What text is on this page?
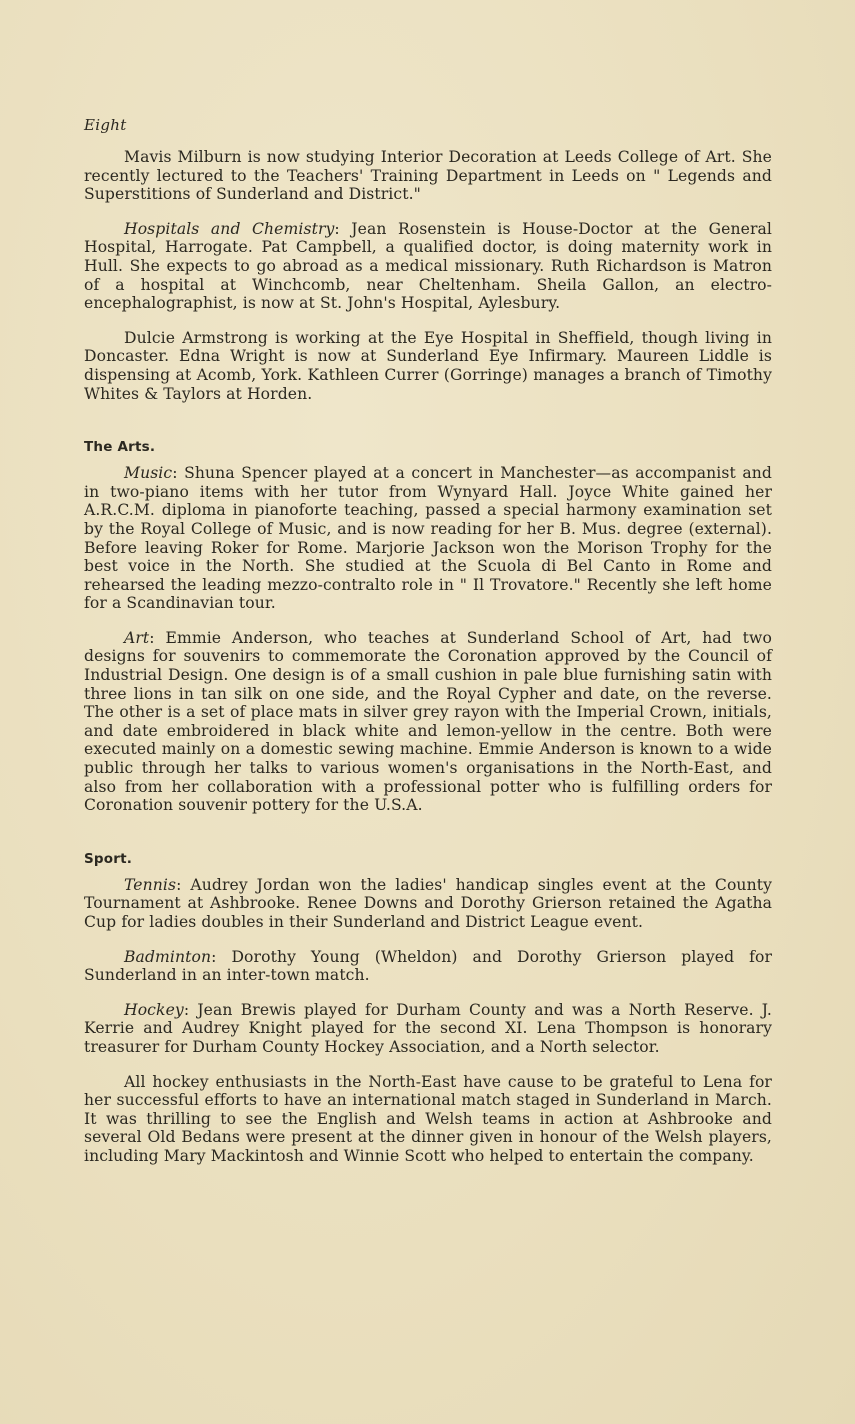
Eight

Mavis Milburn is now studying Interior Decoration at Leeds College of Art. She recently lectured to the Teachers' Training Department in Leeds on " Legends and Superstitions of Sunderland and District."

Hospitals and Chemistry: Jean Rosenstein is House-Doctor at the General Hospital, Harrogate. Pat Campbell, a qualified doctor, is doing maternity work in Hull. She expects to go abroad as a medical missionary. Ruth Richardson is Matron of a hospital at Winchcomb, near Cheltenham. Sheila Gallon, an electro-encephalographist, is now at St. John's Hospital, Aylesbury.

Dulcie Armstrong is working at the Eye Hospital in Sheffield, though living in Doncaster. Edna Wright is now at Sunderland Eye Infirmary. Maureen Liddle is dispensing at Acomb, York. Kathleen Currer (Gorringe) manages a branch of Timothy Whites & Taylors at Horden.

The Arts.

Music: Shuna Spencer played at a concert in Manchester—as accompanist and in two-piano items with her tutor from Wynyard Hall. Joyce White gained her A.R.C.M. diploma in pianoforte teaching, passed a special harmony examination set by the Royal College of Music, and is now reading for her B. Mus. degree (external). Before leaving Roker for Rome. Marjorie Jackson won the Morison Trophy for the best voice in the North. She studied at the Scuola di Bel Canto in Rome and rehearsed the leading mezzo-contralto role in " Il Trovatore." Recently she left home for a Scandinavian tour.

Art: Emmie Anderson, who teaches at Sunderland School of Art, had two designs for souvenirs to commemorate the Coronation approved by the Council of Industrial Design. One design is of a small cushion in pale blue furnishing satin with three lions in tan silk on one side, and the Royal Cypher and date, on the reverse. The other is a set of place mats in silver grey rayon with the Imperial Crown, initials, and date embroidered in black white and lemon-yellow in the centre. Both were executed mainly on a domestic sewing machine. Emmie Anderson is known to a wide public through her talks to various women's organisations in the North-East, and also from her collaboration with a professional potter who is fulfilling orders for Coronation souvenir pottery for the U.S.A.

Sport.

Tennis: Audrey Jordan won the ladies' handicap singles event at the County Tournament at Ashbrooke. Renee Downs and Dorothy Grierson retained the Agatha Cup for ladies doubles in their Sunderland and District League event.

Badminton: Dorothy Young (Wheldon) and Dorothy Grierson played for Sunderland in an inter-town match.

Hockey: Jean Brewis played for Durham County and was a North Reserve. J. Kerrie and Audrey Knight played for the second XI. Lena Thompson is honorary treasurer for Durham County Hockey Association, and a North selector.

All hockey enthusiasts in the North-East have cause to be grateful to Lena for her successful efforts to have an international match staged in Sunderland in March. It was thrilling to see the English and Welsh teams in action at Ashbrooke and several Old Bedans were present at the dinner given in honour of the Welsh players, including Mary Mackintosh and Winnie Scott who helped to entertain the company.
